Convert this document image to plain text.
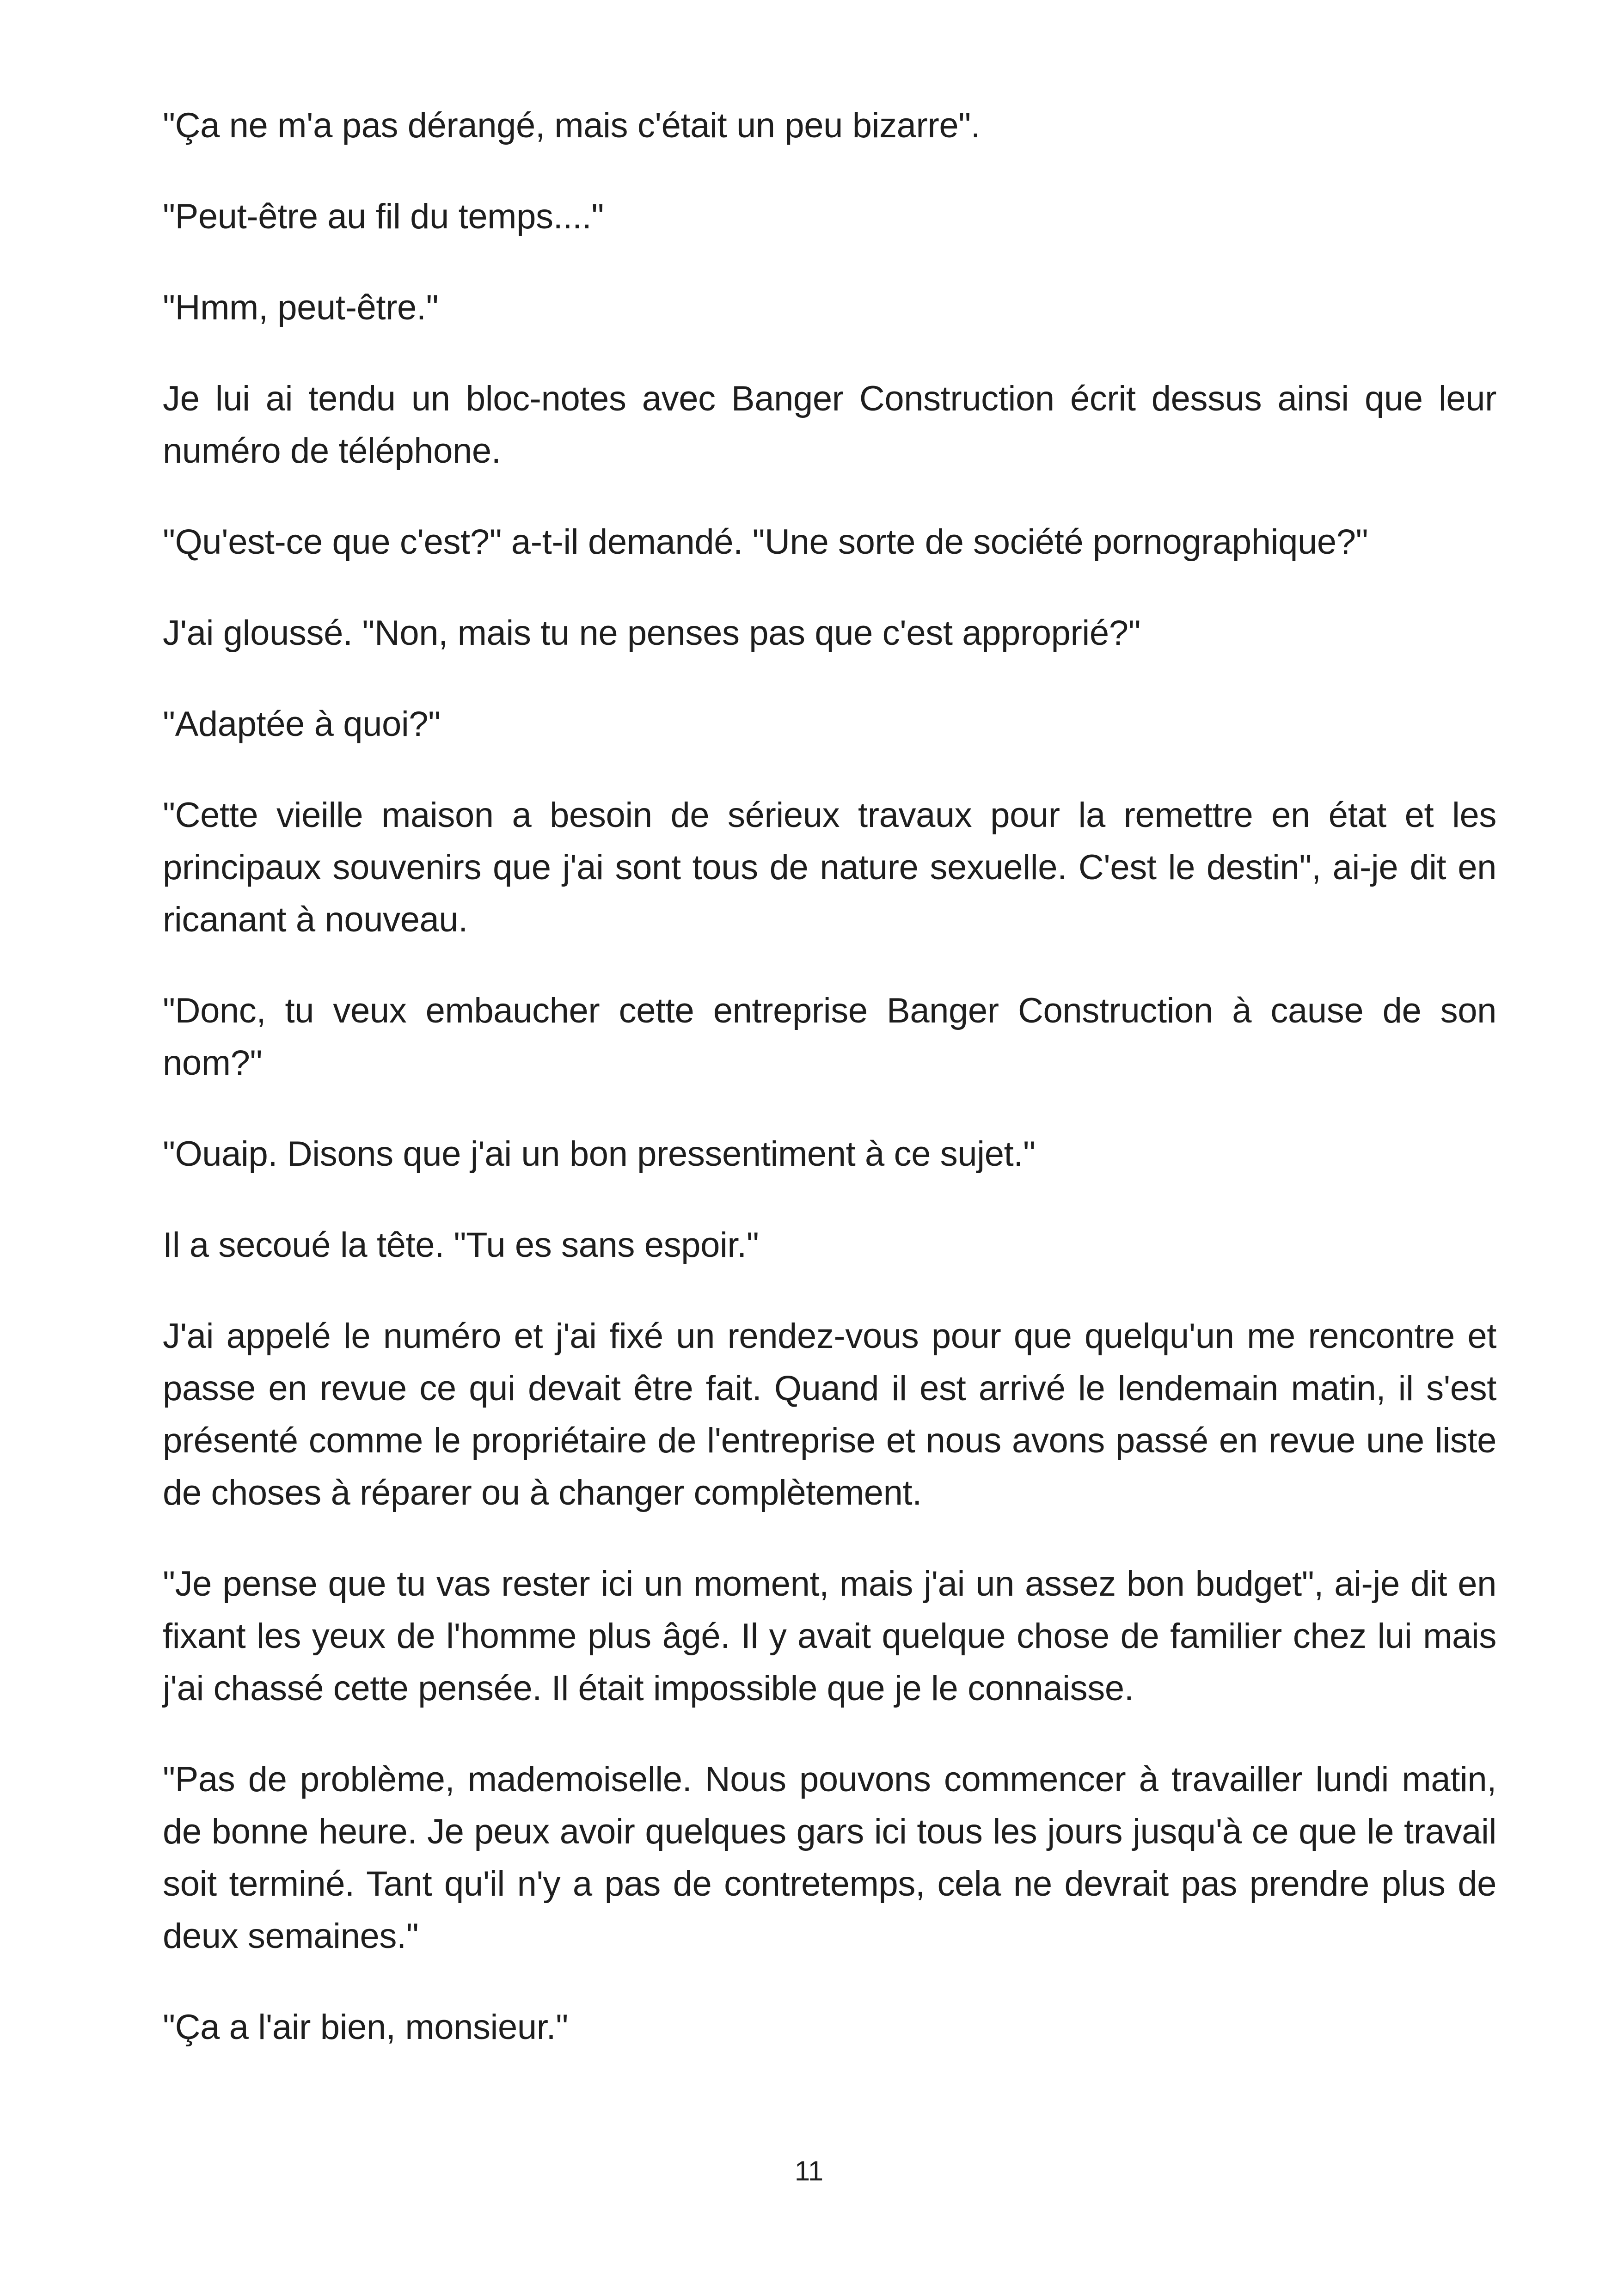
"Ça ne m'a pas dérangé, mais c'était un peu bizarre".

"Peut-être au fil du temps...."

"Hmm, peut-être."

Je lui ai tendu un bloc-notes avec Banger Construction écrit dessus ainsi que leur numéro de téléphone.

"Qu'est-ce que c'est?" a-t-il demandé. "Une sorte de société pornographique?"

J'ai gloussé. "Non, mais tu ne penses pas que c'est approprié?"

"Adaptée à quoi?"

"Cette vieille maison a besoin de sérieux travaux pour la remettre en état et les principaux souvenirs que j'ai sont tous de nature sexuelle. C'est le destin", ai-je dit en ricanant à nouveau.

"Donc, tu veux embaucher cette entreprise Banger Construction à cause de son nom?"

"Ouaip. Disons que j'ai un bon pressentiment à ce sujet."

Il a secoué la tête. "Tu es sans espoir."

J'ai appelé le numéro et j'ai fixé un rendez-vous pour que quelqu'un me rencontre et passe en revue ce qui devait être fait. Quand il est arrivé le lendemain matin, il s'est présenté comme le propriétaire de l'entreprise et nous avons passé en revue une liste de choses à réparer ou à changer complètement.

"Je pense que tu vas rester ici un moment, mais j'ai un assez bon budget", ai-je dit en fixant les yeux de l'homme plus âgé. Il y avait quelque chose de familier chez lui mais j'ai chassé cette pensée. Il était impossible que je le connaisse.

"Pas de problème, mademoiselle. Nous pouvons commencer à travailler lundi matin, de bonne heure. Je peux avoir quelques gars ici tous les jours jusqu'à ce que le travail soit terminé. Tant qu'il n'y a pas de contretemps, cela ne devrait pas prendre plus de deux semaines."

"Ça a l'air bien, monsieur."

11
